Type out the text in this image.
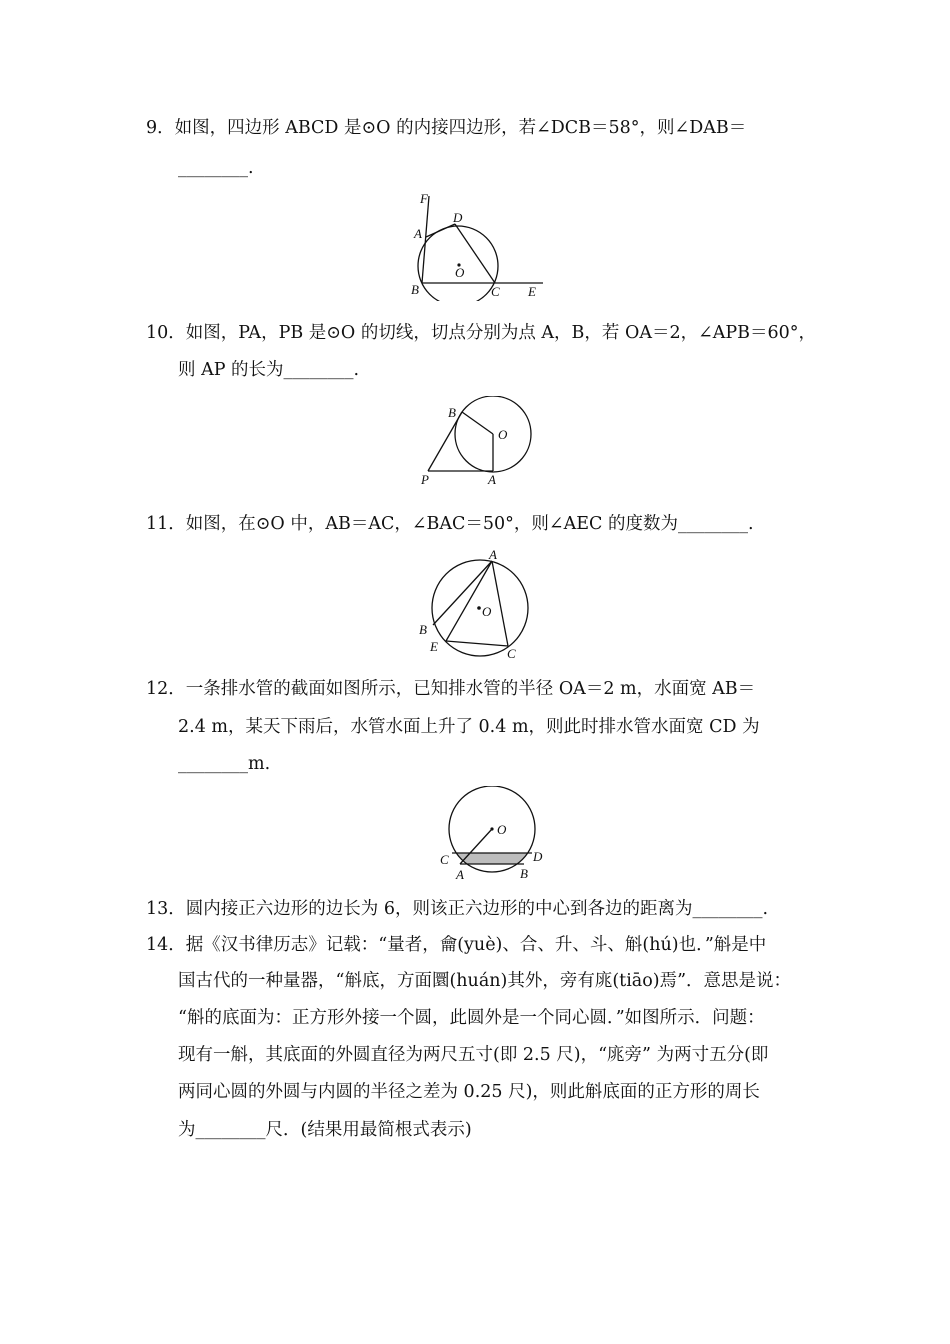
9．如图，四边形 ABCD 是⊙O 的内接四边形，若∠DCB＝58°，则∠DAB＝
________.
F
D
A
O
B	C E
10．如图，PA，PB 是⊙O 的切线，切点分别为点 A，B，若 OA＝2，∠APB＝60°，
则 AP 的长为________.
B
O
P	A
11．如图，在⊙O 中，AB＝AC，∠BAC＝50°，则∠AEC 的度数为________.
A
O
B
E	C
12．一条排水管的截面如图所示，已知排水管的半径 OA＝2 m，水面宽 AB＝
2.4 m，某天下雨后，水管水面上升了 0.4 m，则此时排水管水面宽 CD 为
________m.
O
C	D
A	B
13．圆内接正六边形的边长为 6，则该正六边形的中心到各边的距离为________.
14．据《汉书律历志》记载：“量者，龠(yuè)、合、升、斗、斛(hú)也．”斛是中
国古代的一种量器，“斛底，方面圜(huán)其外，旁有庣(tiāo)焉”．意思是说：
“斛的底面为：正方形外接一个圆，此圆外是一个同心圆．”如图所示．问题：
现有一斛，其底面的外圆直径为两尺五寸(即 2.5 尺)，“庣旁” 为两寸五分(即
两同心圆的外圆与内圆的半径之差为 0.25 尺)，则此斛底面的正方形的周长
为________尺．(结果用最简根式表示)
